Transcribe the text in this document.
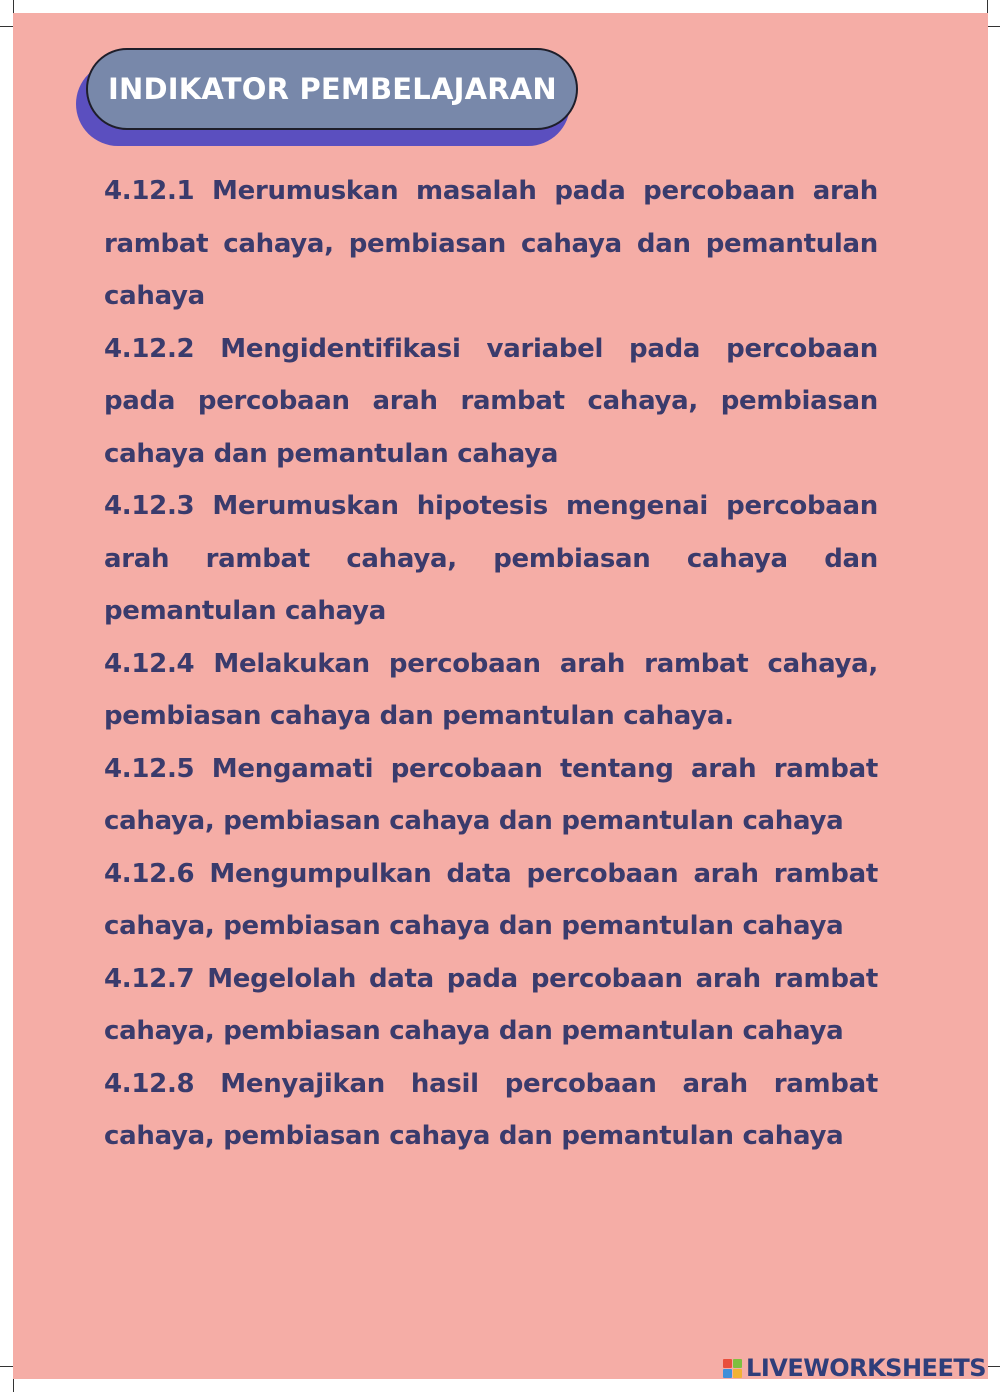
INDIKATOR PEMBELAJARAN
4.12.1 Merumuskan masalah pada percobaan arah rambat cahaya, pembiasan cahaya dan pemantulan cahaya
4.12.2 Mengidentifikasi variabel pada percobaan pada percobaan arah rambat cahaya, pembiasan cahaya dan pemantulan cahaya
4.12.3 Merumuskan hipotesis mengenai percobaan arah rambat cahaya, pembiasan cahaya dan pemantulan cahaya
4.12.4 Melakukan percobaan arah rambat cahaya, pembiasan cahaya dan pemantulan cahaya.
4.12.5 Mengamati percobaan tentang arah rambat cahaya, pembiasan cahaya dan pemantulan cahaya
4.12.6 Mengumpulkan data percobaan arah rambat cahaya, pembiasan cahaya dan pemantulan cahaya
4.12.7 Megelolah data pada percobaan arah rambat cahaya, pembiasan cahaya dan pemantulan cahaya
4.12.8 Menyajikan hasil percobaan arah rambat cahaya, pembiasan cahaya dan pemantulan cahaya
LIVEWORKSHEETS
